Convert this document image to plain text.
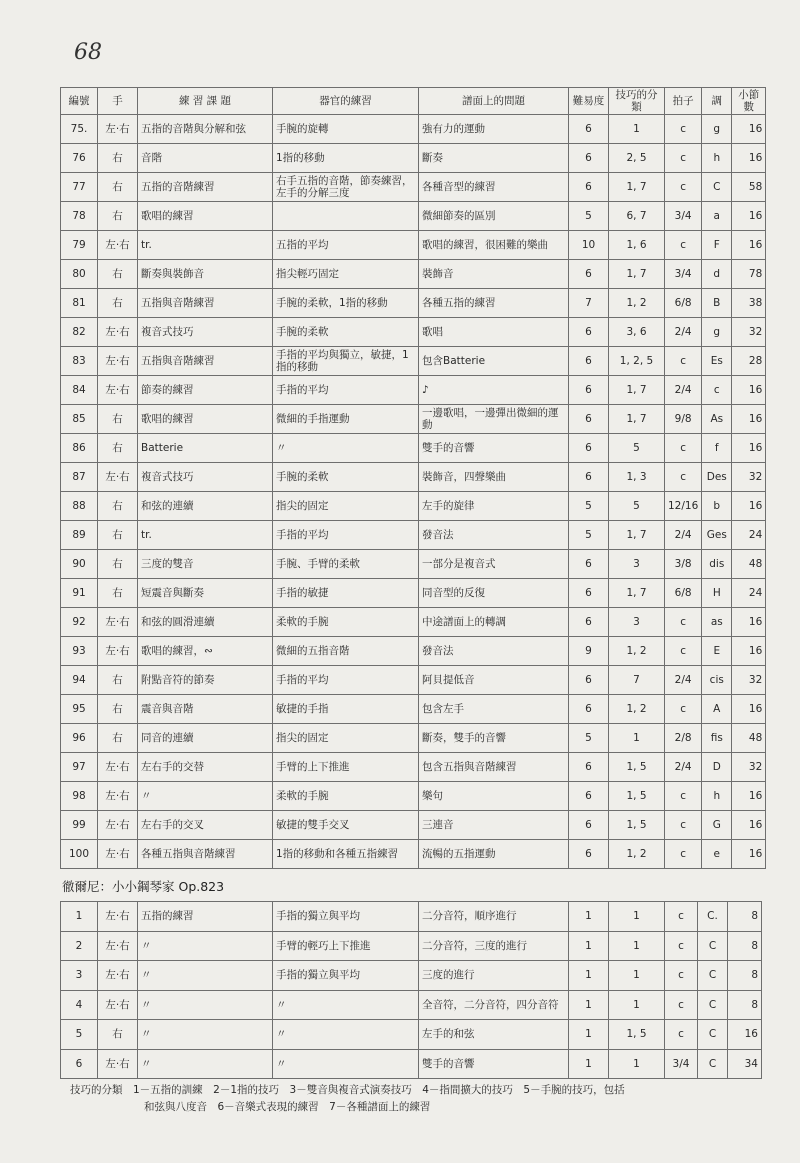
68
編號	手	練 習 課 題	器官的練習	譜面上的問題	難易度	技巧的分類	拍子	調	小節數
75.	左·右	五指的音階與分解和弦	手腕的旋轉	強有力的運動	6	1	c	g	16
76	右	音階	1指的移動	斷奏	6	2, 5	c	h	16
77	右	五指的音階練習	右手五指的音階，節奏練習，左手的分解三度	各種音型的練習	6	1, 7	c	C	58
78	右	歌唱的練習		微細節奏的區別	5	6, 7	3/4	a	16
79	左·右	tr.	五指的平均	歌唱的練習，很困難的樂曲	10	1, 6	c	F	16
80	右	斷奏與裝飾音	指尖輕巧固定	裝飾音	6	1, 7	3/4	d	78
81	右	五指與音階練習	手腕的柔軟，1指的移動	各種五指的練習	7	1, 2	6/8	B	38
82	左·右	複音式技巧	手腕的柔軟	歌唱	6	3, 6	2/4	g	32
83	左·右	五指與音階練習	手指的平均與獨立，敏捷，1指的移動	包含Batterie	6	1, 2, 5	c	Es	28
84	左·右	節奏的練習	手指的平均	♪	6	1, 7	2/4	c	16
85	右	歌唱的練習	微細的手指運動	一邊歌唱，一邊彈出微細的運動	6	1, 7	9/8	As	16
86	右	Batterie	〃	雙手的音響	6	5	c	f	16
87	左·右	複音式技巧	手腕的柔軟	裝飾音，四聲樂曲	6	1, 3	c	Des	32
88	右	和弦的連續	指尖的固定	左手的旋律	5	5	12/16	b	16
89	右	tr.	手指的平均	發音法	5	1, 7	2/4	Ges	24
90	右	三度的雙音	手腕、手臂的柔軟	一部分是複音式	6	3	3/8	dis	48
91	右	短震音與斷奏	手指的敏捷	同音型的反復	6	1, 7	6/8	H	24
92	左·右	和弦的圓滑連續	柔軟的手腕	中途譜面上的轉調	6	3	c	as	16
93	左·右	歌唱的練習，∾	微細的五指音階	發音法	9	1, 2	c	E	16
94	右	附點音符的節奏	手指的平均	阿貝提低音	6	7	2/4	cis	32
95	右	震音與音階	敏捷的手指	包含左手	6	1, 2	c	A	16
96	右	同音的連續	指尖的固定	斷奏，雙手的音響	5	1	2/8	fis	48
97	左·右	左右手的交替	手臂的上下推進	包含五指與音階練習	6	1, 5	2/4	D	32
98	左·右	〃	柔軟的手腕	樂句	6	1, 5	c	h	16
99	左·右	左右手的交叉	敏捷的雙手交叉	三連音	6	1, 5	c	G	16
100	左·右	各種五指與音階練習	1指的移動和各種五指練習	流暢的五指運動	6	1, 2	c	e	16
徹爾尼：小小鋼琴家 Op.823
1	左·右	五指的練習	手指的獨立與平均	二分音符，順序進行	1	1	c	C.	8
2	左·右	〃	手臂的輕巧上下推進	二分音符，三度的進行	1	1	c	C	8
3	左·右	〃	手指的獨立與平均	三度的進行	1	1	c	C	8
4	左·右	〃	〃	全音符，二分音符，四分音符	1	1	c	C	8
5	右	〃	〃	左手的和弦	1	1, 5	c	C	16
6	左·右	〃	〃	雙手的音響	1	1	3/4	C	34
技巧的分類　1－五指的訓練　2－1指的技巧　3－雙音與複音式演奏技巧　4－指間擴大的技巧　5－手腕的技巧，包括
和弦與八度音　6－音樂式表現的練習　7－各種譜面上的練習
